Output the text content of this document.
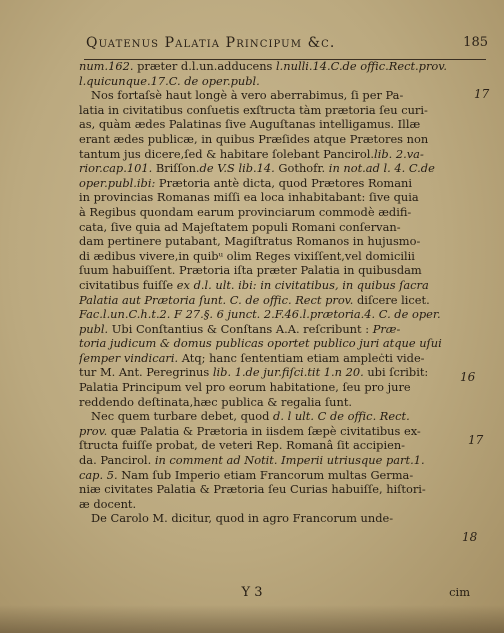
Quatenus Palatia Principum &c.	185
num.162. prӕter d.l.un.adducens l.nulli.14.C.de offic.Rect.prov.
l.quicunque.17.C. de oper.publ.
Nos fortaſsè haut longè à vero aberrabimus, ſi per Pa-
latia in civitatibus conſuetis exſtructa tàm prætoria ſeu curi-
as, quàm ædes Palatinas ſive Auguſtanas intelligamus. Illæ
erant ædes publicæ, in quibus Præſides atque Prætores non
tantum jus dicere,ſed & habitare ſolebant Pancirol.lib. 2.va-
rior.cap.101. Briſſon.de V.S lib.14. Gothofr. in not.ad l. 4. C.de
oper.publ.ibi: Prætoria antè dicta, quod Prætores Romani
in provincias Romanas miſſi ea loca inhabitabant: ſive quia
à Regibus quondam earum provinciarum commodè ædifi-
cata, ſive quia ad Majeſtatem populi Romani conſervan-
dam pertinere putabant, Magiſtratus Romanos in hujusmo-
di ædibus vivere,in quibᵘ olim Reges vixiſſent,vel domicilii
ſuum habuiſſent. Prætoria iſta præter Palatia in quibusdam
civitatibus fuiſſe ex d.l. ult. ibi: in civitatibus, in quibus ſacra
Palatia aut Prætoria ſunt. C. de offic. Rect prov. diſcere licet.
Fac.l.un.C.h.t.2. F 27.§. 6 junct. 2.F.46.l.prætoria.4. C. de oper.
publ. Ubi Conſtantius & Conſtans A.A. reſcribunt : Præ-
toria judicum & domus publicas oportet publico juri atque uſui
ſemper vindicari. Atq; hanc ſententiam etiam ampleċti vide-
tur M. Ant. Peregrinus lib. 1.de jur.fiſci.tit 1.n 20. ubi ſcribit:
Palatia Principum vel pro eorum habitatione, ſeu pro jure
reddendo deſtinata,hæc publica & regalia ſunt.
Nec quem turbare debet, quod d. l ult. C de offic. Rect.
prov. quæ Palatia & Prætoria in iisdem ſæpè civitatibus ex-
ſtructa fuiſſe probat, de veteri Rep. Romanâ ſit accipien-
da. Pancirol. in comment ad Notit. Imperii utriusque part.1.
cap. 5. Nam ſub Imperio etiam Francorum multas Germa-
niæ civitates Palatia & Prætoria ſeu Curias habuiſſe, hiſtori-
æ docent.
De Carolo M. dicitur, quod in agro Francorum unde-
17
16
17
18
Y 3	cim
